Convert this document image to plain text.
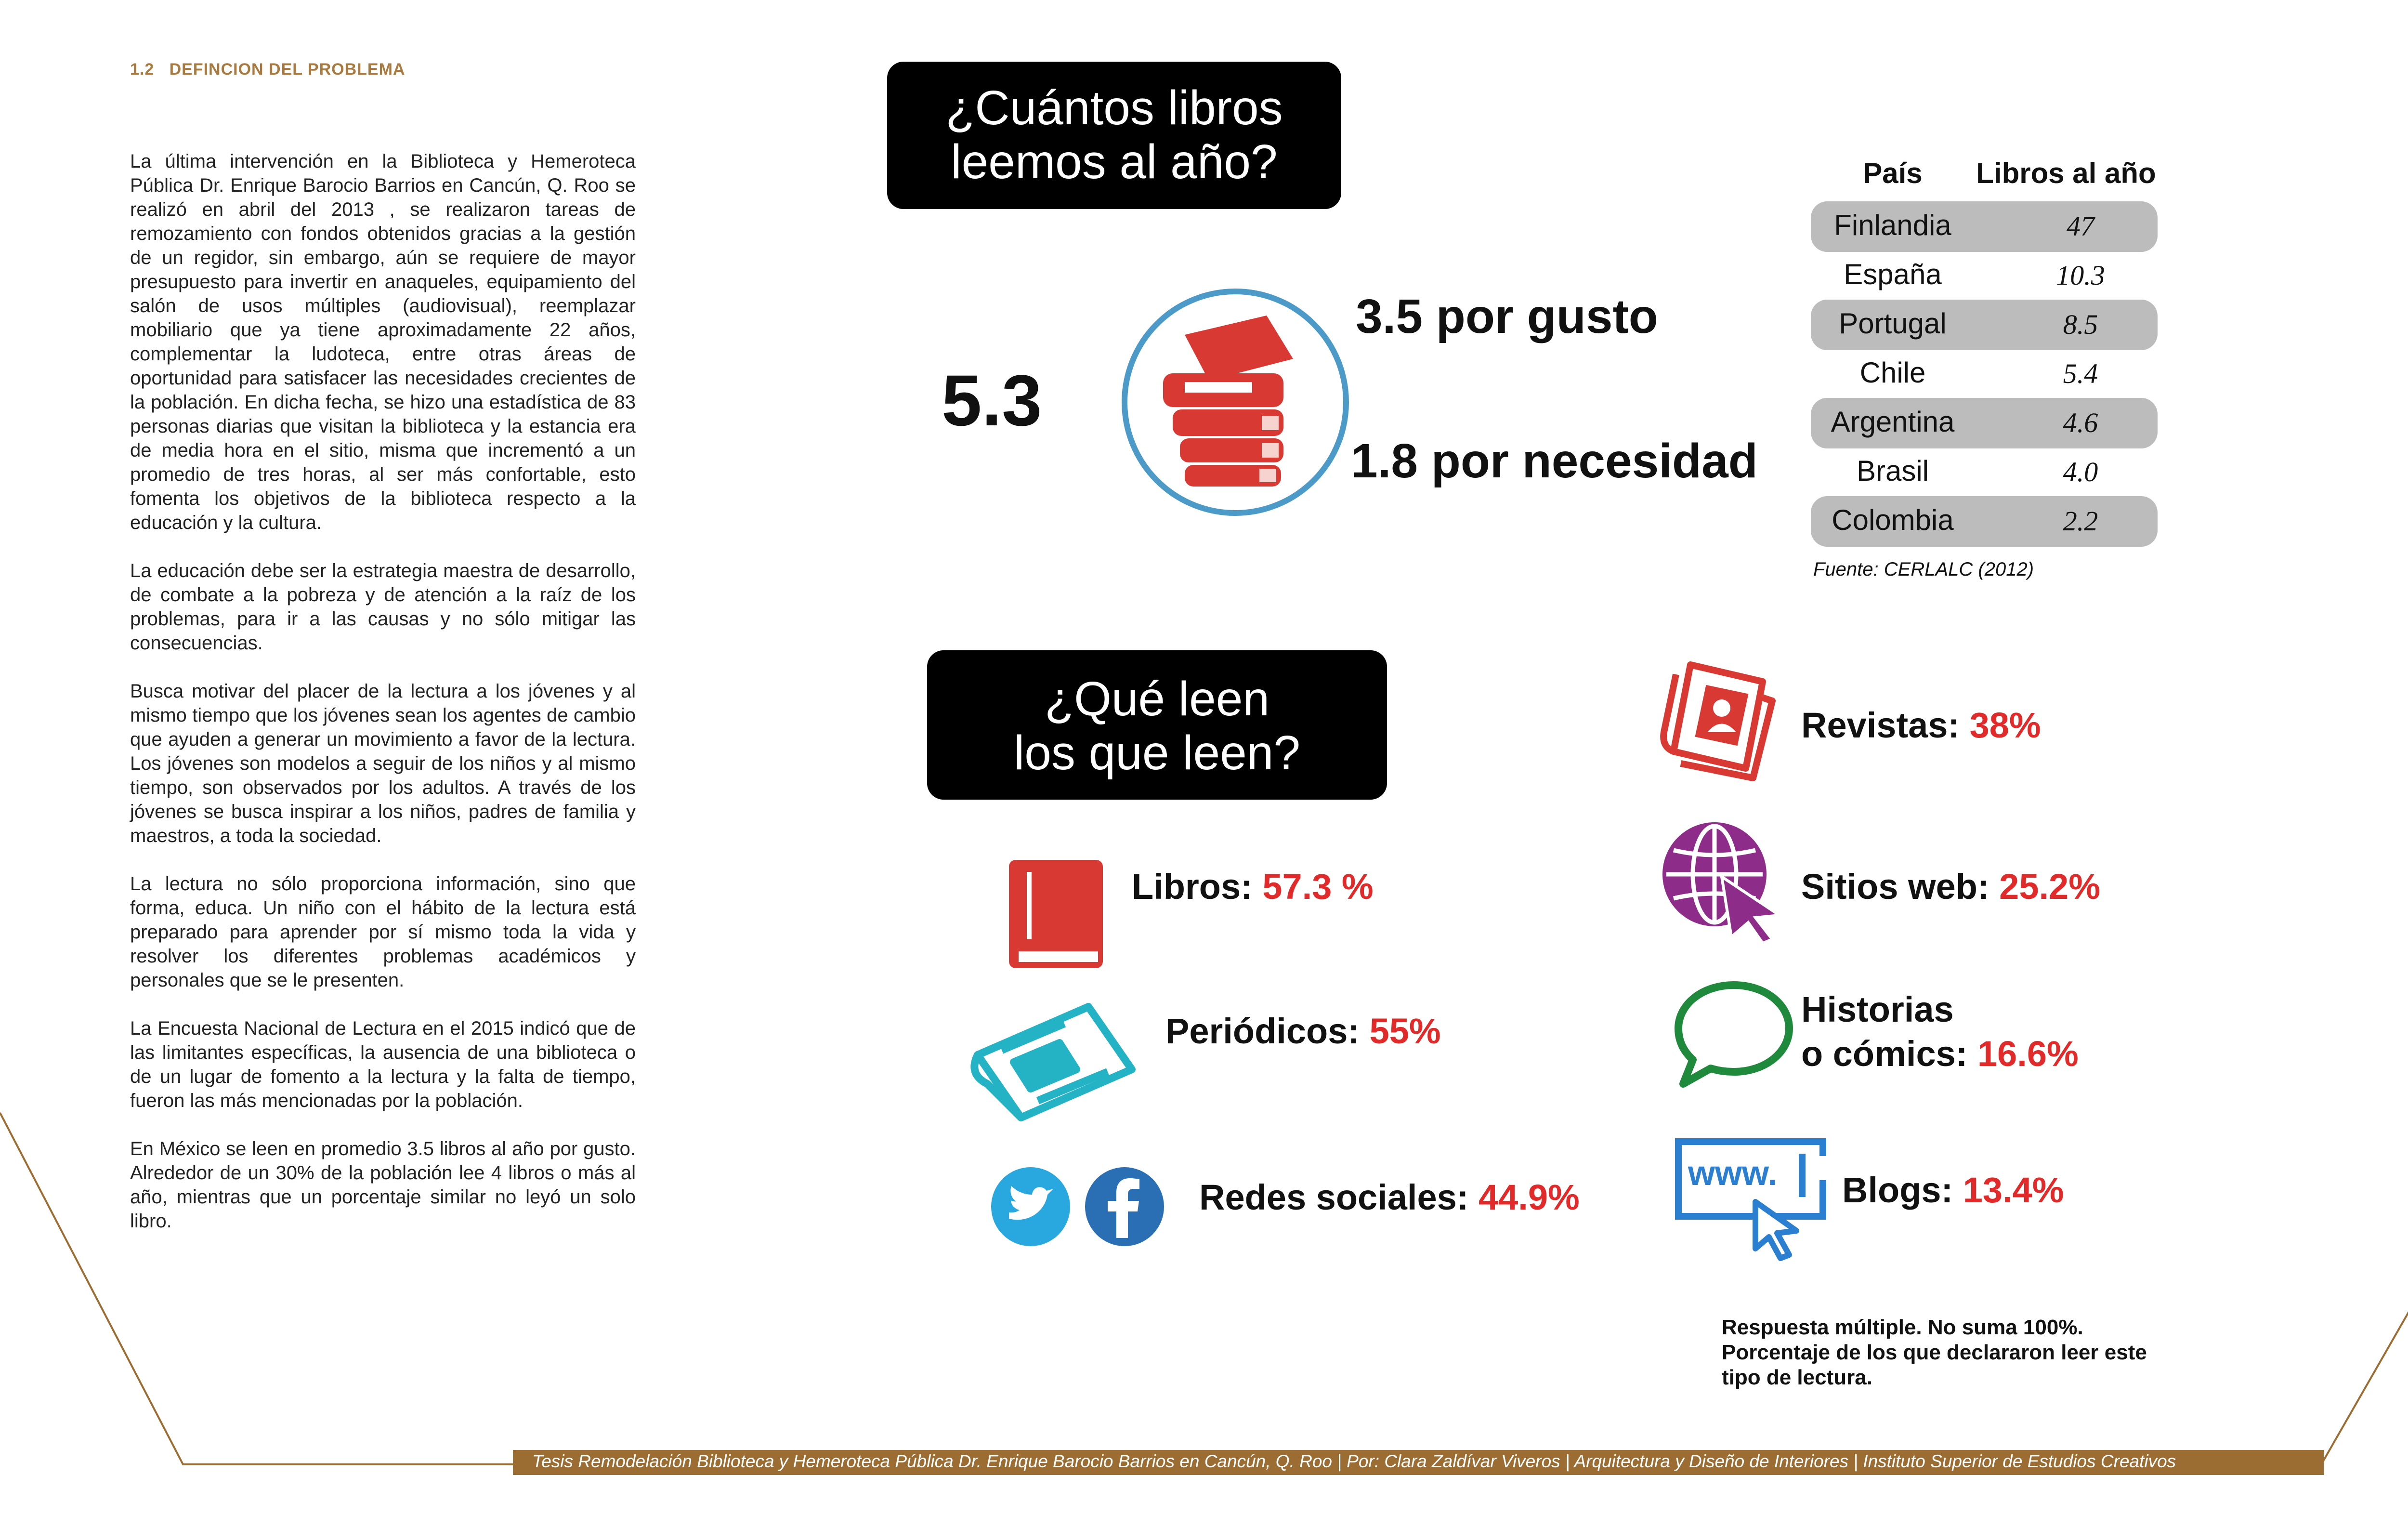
1.2 DEFINCION DEL PROBLEMA

La última intervención en la Biblioteca y Hemeroteca Pública Dr. Enrique Barocio Barrios en Cancún, Q. Roo se realizó en abril del 2013 , se realizaron tareas de remozamiento con fondos obtenidos gracias a la gestión de un regidor, sin embargo, aún se requiere de mayor presupuesto para invertir en anaqueles, equipamiento del salón de usos múltiples (audiovisual), reemplazar mobiliario que ya tiene aproximadamente 22 años, complementar la ludoteca, entre otras áreas de oportunidad para satisfacer las necesidades crecientes de la población. En dicha fecha, se hizo una estadística de 83 personas diarias que visitan la biblioteca y la estancia era de media hora en el sitio, misma que incrementó a un promedio de tres horas, al ser más confortable, esto fomenta los objetivos de la biblioteca respecto a la educación y la cultura.

La educación debe ser la estrategia maestra de desarrollo, de combate a la pobreza y de atención a la raíz de los problemas, para ir a las causas y no sólo mitigar las consecuencias.

Busca motivar del placer de la lectura a los jóvenes y al mismo tiempo que los jóvenes sean los agentes de cambio que ayuden a generar un movimiento a favor de la lectura. Los jóvenes son modelos a seguir de los niños y al mismo tiempo, son observados por los adultos. A través de los jóvenes se busca inspirar a los niños, padres de familia y maestros, a toda la sociedad.

La lectura no sólo proporciona información, sino que forma, educa. Un niño con el hábito de la lectura está preparado para aprender por sí mismo toda la vida y resolver los diferentes problemas académicos y personales que se le presenten.

La Encuesta Nacional de Lectura en el 2015 indicó que de las limitantes específicas, la ausencia de una biblioteca o de un lugar de fomento a la lectura y la falta de tiempo, fueron las más mencionadas por la población.

En México se leen en promedio 3.5 libros al año por gusto. Alrededor de un 30% de la población lee 4 libros o más al año, mientras que un porcentaje similar no leyó un solo libro.

¿Cuántos libros
leemos al año?
5.3
3.5 por gusto
1.8 por necesidad
País	Libros al año
Finlandia	47
España	10.3
Portugal	8.5
Chile	5.4
Argentina	4.6
Brasil	4.0
Colombia	2.2
Fuente: CERLALC (2012)
¿Qué leen
los que leen?
Libros: 57.3 %
Periódicos: 55%
Redes sociales: 44.9%
Revistas: 38%
Sitios web: 25.2%
Historias
o cómics: 16.6%
www. Blogs: 13.4%
Respuesta múltiple. No suma 100%. Porcentaje de los que declararon leer este tipo de lectura.
Tesis Remodelación Biblioteca y Hemeroteca Pública Dr. Enrique Barocio Barrios en Cancún, Q. Roo | Por: Clara Zaldívar Viveros | Arquitectura y Diseño de Interiores | Instituto Superior de Estudios Creativos
